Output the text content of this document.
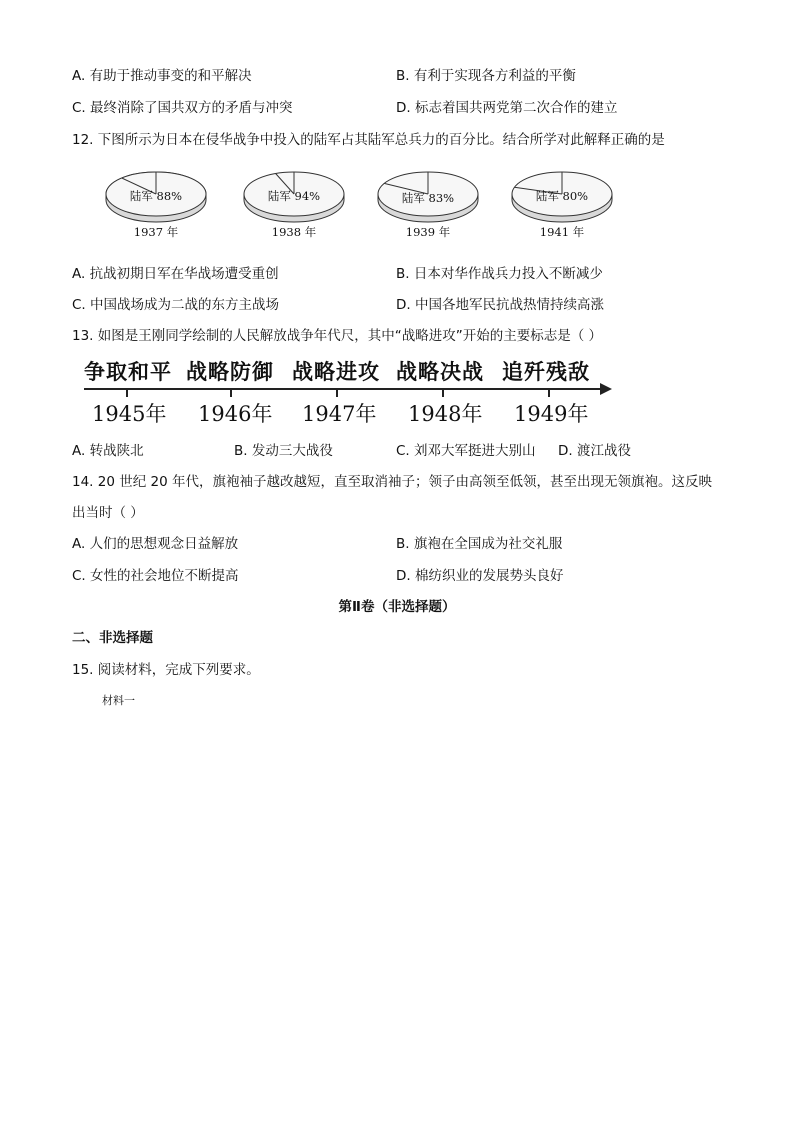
A. 有助于推动事变的和平解决	B. 有利于实现各方利益的平衡
C. 最终消除了国共双方的矛盾与冲突	D. 标志着国共两党第二次合作的建立
12. 下图所示为日本在侵华战争中投入的陆军占其陆军总兵力的百分比。结合所学对此解释正确的是
陆军 88%
1937 年
陆军 94%
1938 年
陆军 83%
1939 年
陆军 80%
1941 年
A. 抗战初期日军在华战场遭受重创	B. 日本对华作战兵力投入不断减少
C. 中国战场成为二战的东方主战场	D. 中国各地军民抗战热情持续高涨
13. 如图是王刚同学绘制的人民解放战争年代尺，其中“战略进攻”开始的主要标志是（ ）
争取和平 战略防御 战略进攻 战略决战 追歼残敌
1945年 1946年 1947年 1948年 1949年
A. 转战陕北	B. 发动三大战役	C. 刘邓大军挺进大别山 D. 渡江战役
14. 20 世纪 20 年代，旗袍袖子越改越短，直至取消袖子；领子由高领至低领，甚至出现无领旗袍。这反映
出当时（ ）
A. 人们的思想观念日益解放	B. 旗袍在全国成为社交礼服
C. 女性的社会地位不断提高	D. 棉纺织业的发展势头良好
第Ⅱ卷（非选择题）
二、非选择题
15. 阅读材料，完成下列要求。
材料一
